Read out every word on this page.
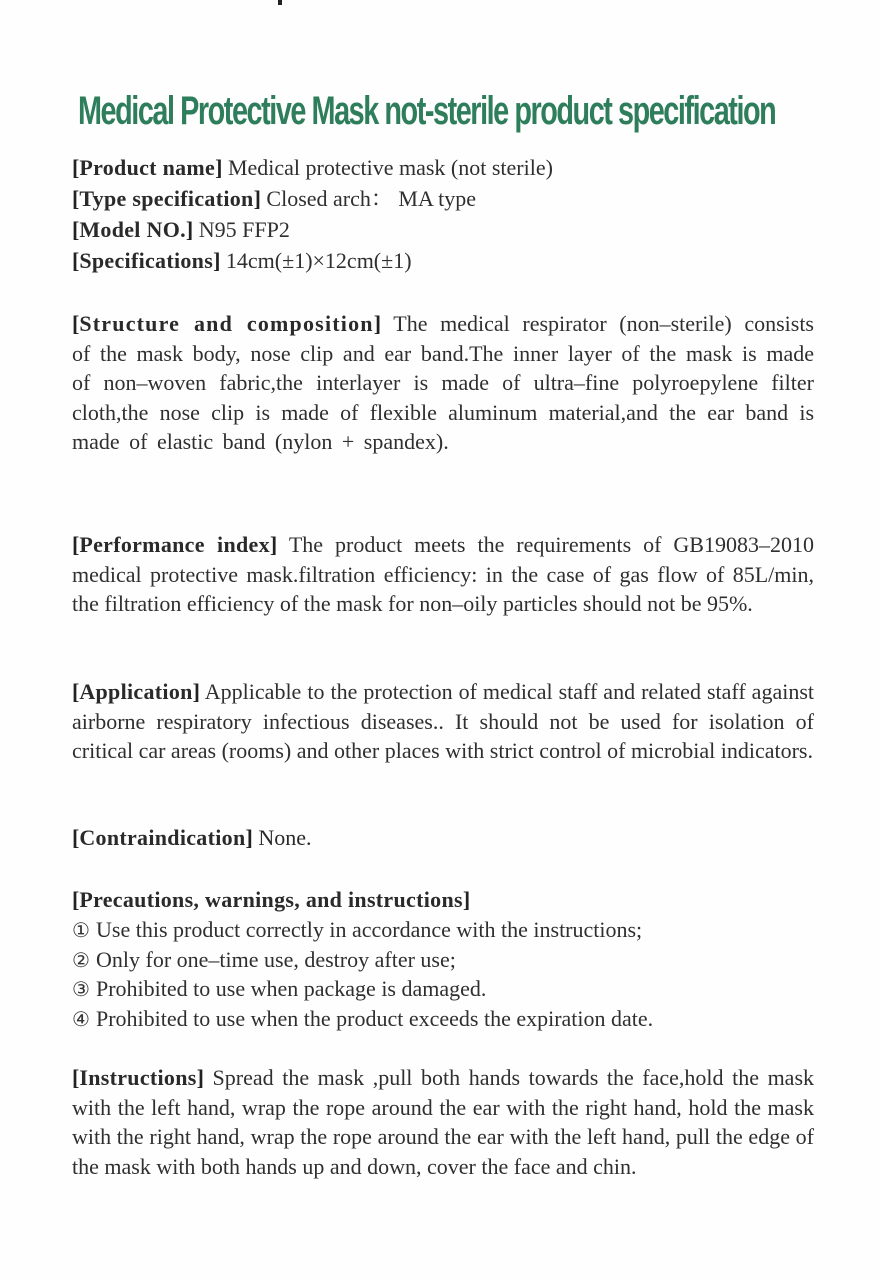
Medical Protective Mask not-sterile product specification
[Product name] Medical protective mask (not sterile)
[Type specification] Closed arch： MA type
[Model NO.] N95 FFP2
[Specifications] 14cm(±1)×12cm(±1)
[Structure and composition] The medical respirator (non–sterile) consists of the mask body, nose clip and ear band.The inner layer of the mask is made of non–woven fabric,the interlayer is made of ultra–fine polyroepylene filter cloth,the nose clip is made of flexible aluminum material,and the ear band is made of elastic band (nylon + spandex).
[Performance index] The product meets the requirements of GB19083–2010 medical protective mask.filtration efficiency: in the case of gas flow of 85L/min, the filtration efficiency of the mask for non–oily particles should not be 95%.
[Application] Applicable to the protection of medical staff and related staff against airborne respiratory infectious diseases.. It should not be used for isolation of critical car areas (rooms) and other places with strict control of microbial indicators.
[Contraindication] None.
[Precautions, warnings, and instructions]
① Use this product correctly in accordance with the instructions;
② Only for one–time use, destroy after use;
③ Prohibited to use when package is damaged.
④ Prohibited to use when the product exceeds the expiration date.
[Instructions] Spread the mask ,pull both hands towards the face,hold the mask with the left hand, wrap the rope around the ear with the right hand, hold the mask with the right hand, wrap the rope around the ear with the left hand, pull the edge of the mask with both hands up and down, cover the face and chin.
